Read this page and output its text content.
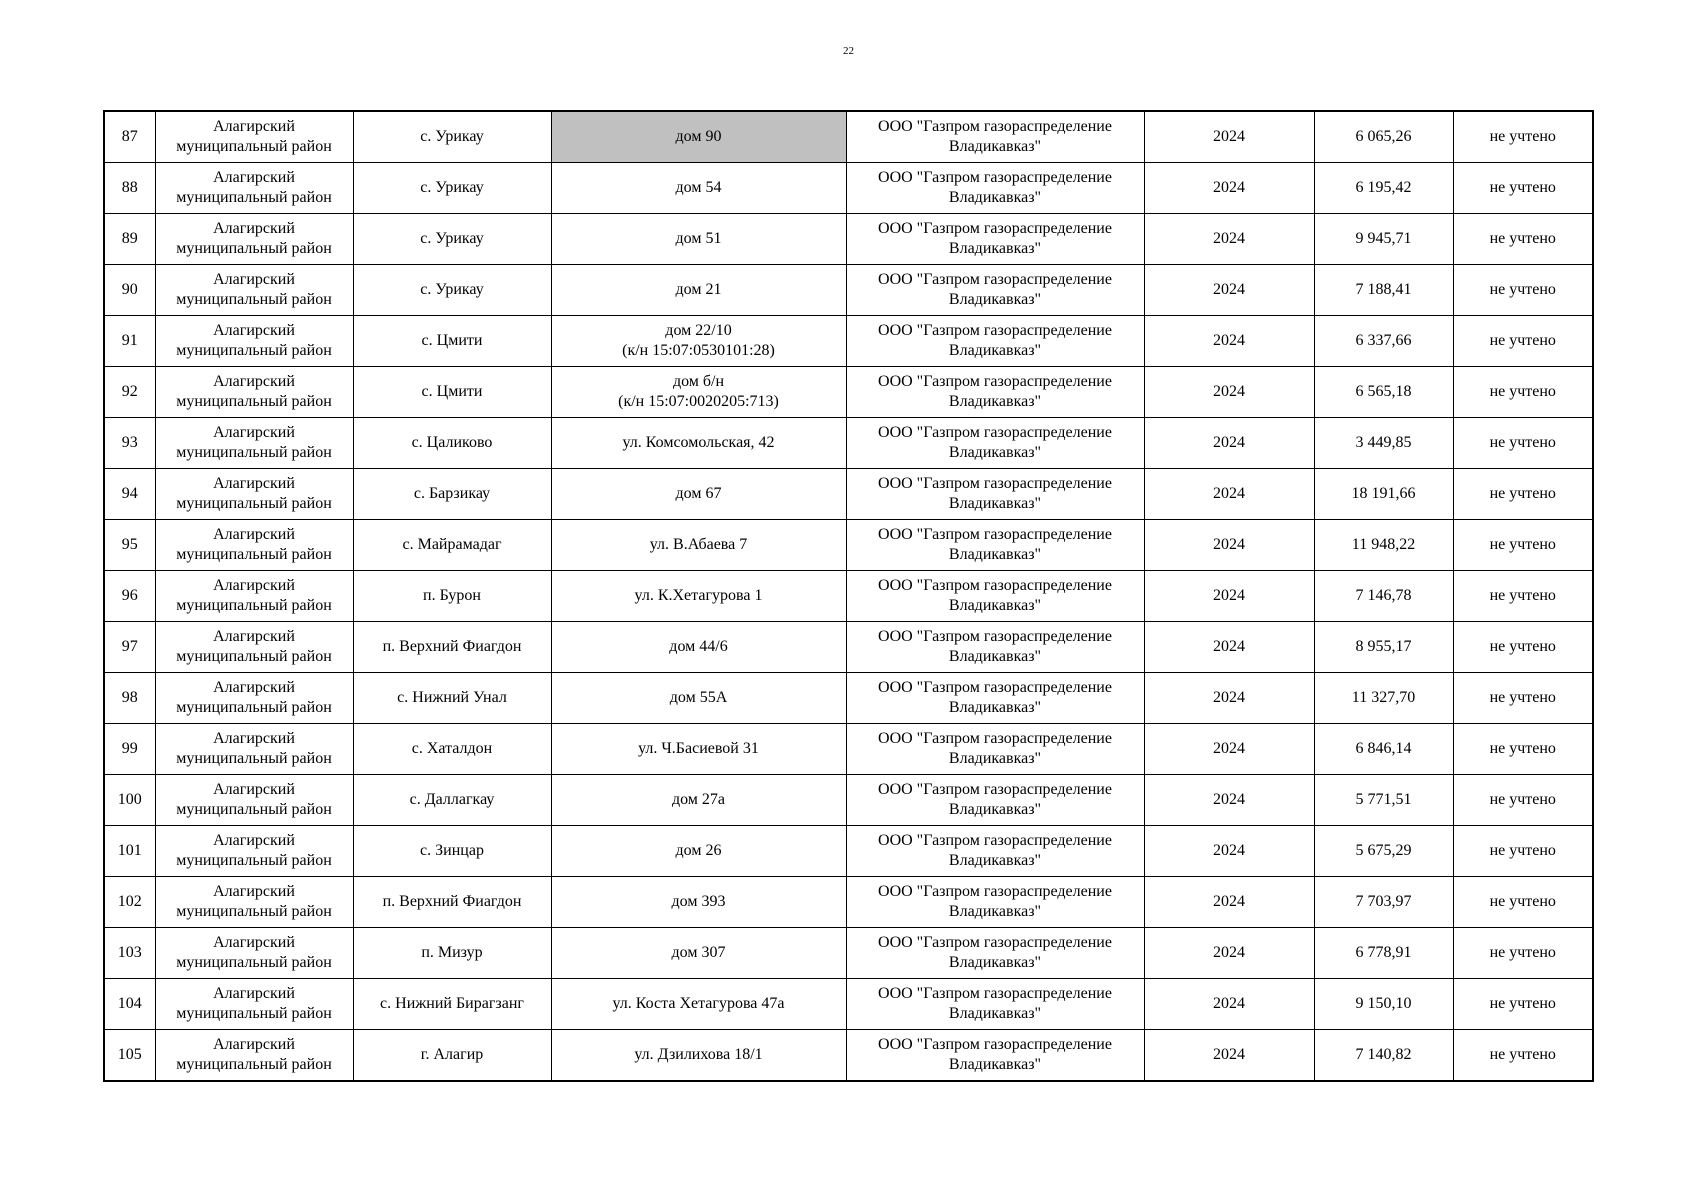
22
87	Алагирский муниципальный район	с. Урикау	дом 90	ООО "Газпром газораспределение Владикавказ"	2024	6 065,26	не учтено
88	Алагирский муниципальный район	с. Урикау	дом 54	ООО "Газпром газораспределение Владикавказ"	2024	6 195,42	не учтено
89	Алагирский муниципальный район	с. Урикау	дом 51	ООО "Газпром газораспределение Владикавказ"	2024	9 945,71	не учтено
90	Алагирский муниципальный район	с. Урикау	дом 21	ООО "Газпром газораспределение Владикавказ"	2024	7 188,41	не учтено
91	Алагирский муниципальный район	с. Цмити	дом 22/10
(к/н 15:07:0530101:28)	ООО "Газпром газораспределение Владикавказ"	2024	6 337,66	не учтено
92	Алагирский муниципальный район	с. Цмити	дом б/н
(к/н 15:07:0020205:713)	ООО "Газпром газораспределение Владикавказ"	2024	6 565,18	не учтено
93	Алагирский муниципальный район	с. Цаликово	ул. Комсомольская, 42	ООО "Газпром газораспределение Владикавказ"	2024	3 449,85	не учтено
94	Алагирский муниципальный район	с. Барзикау	дом 67	ООО "Газпром газораспределение Владикавказ"	2024	18 191,66	не учтено
95	Алагирский муниципальный район	с. Майрамадаг	ул. В.Абаева 7	ООО "Газпром газораспределение Владикавказ"	2024	11 948,22	не учтено
96	Алагирский муниципальный район	п. Бурон	ул. К.Хетагурова 1	ООО "Газпром газораспределение Владикавказ"	2024	7 146,78	не учтено
97	Алагирский муниципальный район	п. Верхний Фиагдон	дом 44/6	ООО "Газпром газораспределение Владикавказ"	2024	8 955,17	не учтено
98	Алагирский муниципальный район	с. Нижний Унал	дом 55А	ООО "Газпром газораспределение Владикавказ"	2024	11 327,70	не учтено
99	Алагирский муниципальный район	с. Хаталдон	ул. Ч.Басиевой 31	ООО "Газпром газораспределение Владикавказ"	2024	6 846,14	не учтено
100	Алагирский муниципальный район	с. Даллагкау	дом 27а	ООО "Газпром газораспределение Владикавказ"	2024	5 771,51	не учтено
101	Алагирский муниципальный район	с. Зинцар	дом 26	ООО "Газпром газораспределение Владикавказ"	2024	5 675,29	не учтено
102	Алагирский муниципальный район	п. Верхний Фиагдон	дом 393	ООО "Газпром газораспределение Владикавказ"	2024	7 703,97	не учтено
103	Алагирский муниципальный район	п. Мизур	дом 307	ООО "Газпром газораспределение Владикавказ"	2024	6 778,91	не учтено
104	Алагирский муниципальный район	с. Нижний Бирагзанг	ул. Коста Хетагурова 47а	ООО "Газпром газораспределение Владикавказ"	2024	9 150,10	не учтено
105	Алагирский муниципальный район	г. Алагир	ул. Дзилихова 18/1	ООО "Газпром газораспределение Владикавказ"	2024	7 140,82	не учтено
